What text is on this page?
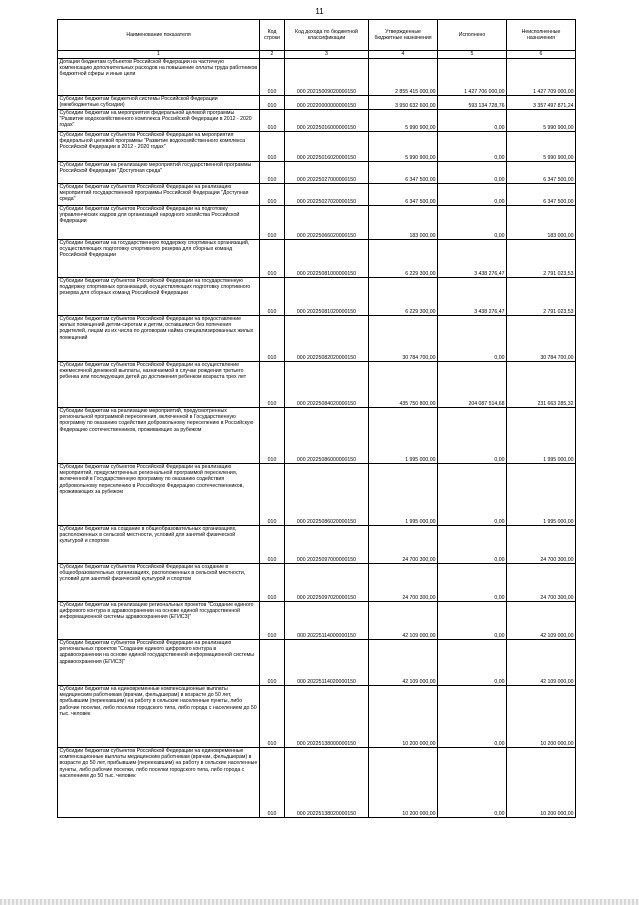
11
Наименование показателя	Код строки	Код дохода по бюджетной классификации	Утвержденные бюджетные назначения	Исполнено	Неисполненные назначения
1	2	3	4	5	6
Дотации бюджетам субъектов Российской Федерации на частичную компенсацию дополнительных расходов на повышение оплаты труда работников бюджетной сферы и иные цели	010	000 20215009020000150	2 855 415 000,00	1 427 706 000,00	1 427 709 000,00
Субсидии бюджетам бюджетной системы Российской Федерации (межбюджетные субсидии)	010	000 20220000000000150	3 950 632 600,00	593 134 728,76	3 357 497 871,24
Субсидии бюджетам на мероприятия федеральной целевой программы "Развитие водохозяйственного комплекса Российской Федерации в 2012 - 2020 годах"	010	000 20225016000000150	5 990 900,00	0,00	5 990 900,00
Субсидии бюджетам субъектов Российской Федерации на мероприятия федеральной целевой программы "Развитие водохозяйственного комплекса Российской Федерации в 2012 - 2020 годах"	010	000 20225016020000150	5 990 900,00	0,00	5 990 900,00
Субсидии бюджетам на реализацию мероприятий государственной программы Российской Федерации "Доступная среда"	010	000 20225027000000150	6 347 500,00	0,00	6 347 500,00
Субсидии бюджетам субъектов Российской Федерации на реализацию мероприятий государственной программы Российской Федерации "Доступная среда"	010	000 20225027020000150	6 347 500,00	0,00	6 347 500,00
Субсидии бюджетам субъектов Российской Федерации на подготовку управленческих кадров для организаций народного хозяйства Российской Федерации	010	000 20225066020000150	183 000,00	0,00	183 000,00
Субсидии бюджетам на государственную поддержку спортивных организаций, осуществляющих подготовку спортивного резерва для сборных команд Российской Федерации	010	000 20225081000000150	6 229 300,00	3 438 276,47	2 791 023,53
Субсидии бюджетам субъектов Российской Федерации на государственную поддержку спортивных организаций, осуществляющих подготовку спортивного резерва для сборных команд Российской Федерации	010	000 20225081020000150	6 229 300,00	3 438 276,47	2 791 023,53
Субсидии бюджетам субъектов Российской Федерации на предоставление жилых помещений детям-сиротам и детям, оставшимся без попечения родителей, лицам из их числа по договорам найма специализированных жилых помещений	010	000 20225082020000150	30 784 700,00	0,00	30 784 700,00
Субсидии бюджетам субъектов Российской Федерации на осуществление ежемесячной денежной выплаты, назначаемой в случае рождения третьего ребенка или последующих детей до достижения ребенком возраста трех лет	010	000 20225084020000150	435 750 800,00	204 087 514,68	231 663 285,32
Субсидии бюджетам на реализацию мероприятий, предусмотренных региональной программой переселения, включенной в Государственную программу по оказанию содействия добровольному переселению в Российскую Федерацию соотечественников, проживающих за рубежом	010	000 20225086000000150	1 995 000,00	0,00	1 995 000,00
Субсидии бюджетам субъектов Российской Федерации на реализацию мероприятий, предусмотренных региональной программой переселения, включенной в Государственную программу по оказанию содействия добровольному переселению в Российскую Федерацию соотечественников, проживающих за рубежом	010	000 20225086020000150	1 995 000,00	0,00	1 995 000,00
Субсидии бюджетам на создание в общеобразовательных организациях, расположенных в сельской местности, условий для занятий физической культурой и спортом	010	000 20225097000000150	24 700 300,00	0,00	24 700 300,00
Субсидии бюджетам субъектов Российской Федерации на создание в общеобразовательных организациях, расположенных в сельской местности, условий для занятий физической культурой и спортом	010	000 20225097020000150	24 700 300,00	0,00	24 700 300,00
Субсидии бюджетам на реализацию региональных проектов "Создание единого цифрового контура в здравоохранении на основе единой государственной информационной системы здравоохранения (ЕГИСЗ)"	010	000 20225114000000150	42 109 000,00	0,00	42 109 000,00
Субсидии бюджетам субъектов Российской Федерации на реализацию региональных проектов "Создание единого цифрового контура в здравоохранении на основе единой государственной информационной системы здравоохранения (ЕГИСЗ)"	010	000 20225114020000150	42 109 000,00	0,00	42 109 000,00
Субсидии бюджетам на единовременные компенсационные выплаты медицинским работникам (врачам, фельдшерам) в возрасте до 50 лет, прибывшим (переехавшим) на работу в сельские населенные пункты, либо рабочие поселки, либо поселки городского типа, либо города с населением до 50 тыс. человек	010	000 20225138000000150	10 200 000,00	0,00	10 200 000,00
Субсидии бюджетам субъектов Российской Федерации на единовременные компенсационные выплаты медицинским работникам (врачам, фельдшерам) в возрасте до 50 лет, прибывшим (переехавшим) на работу в сельские населенные пункты, либо рабочие поселки, либо поселки городского типа, либо города с населением до 50 тыс. человек	010	000 20225138020000150	10 200 000,00	0,00	10 200 000,00
